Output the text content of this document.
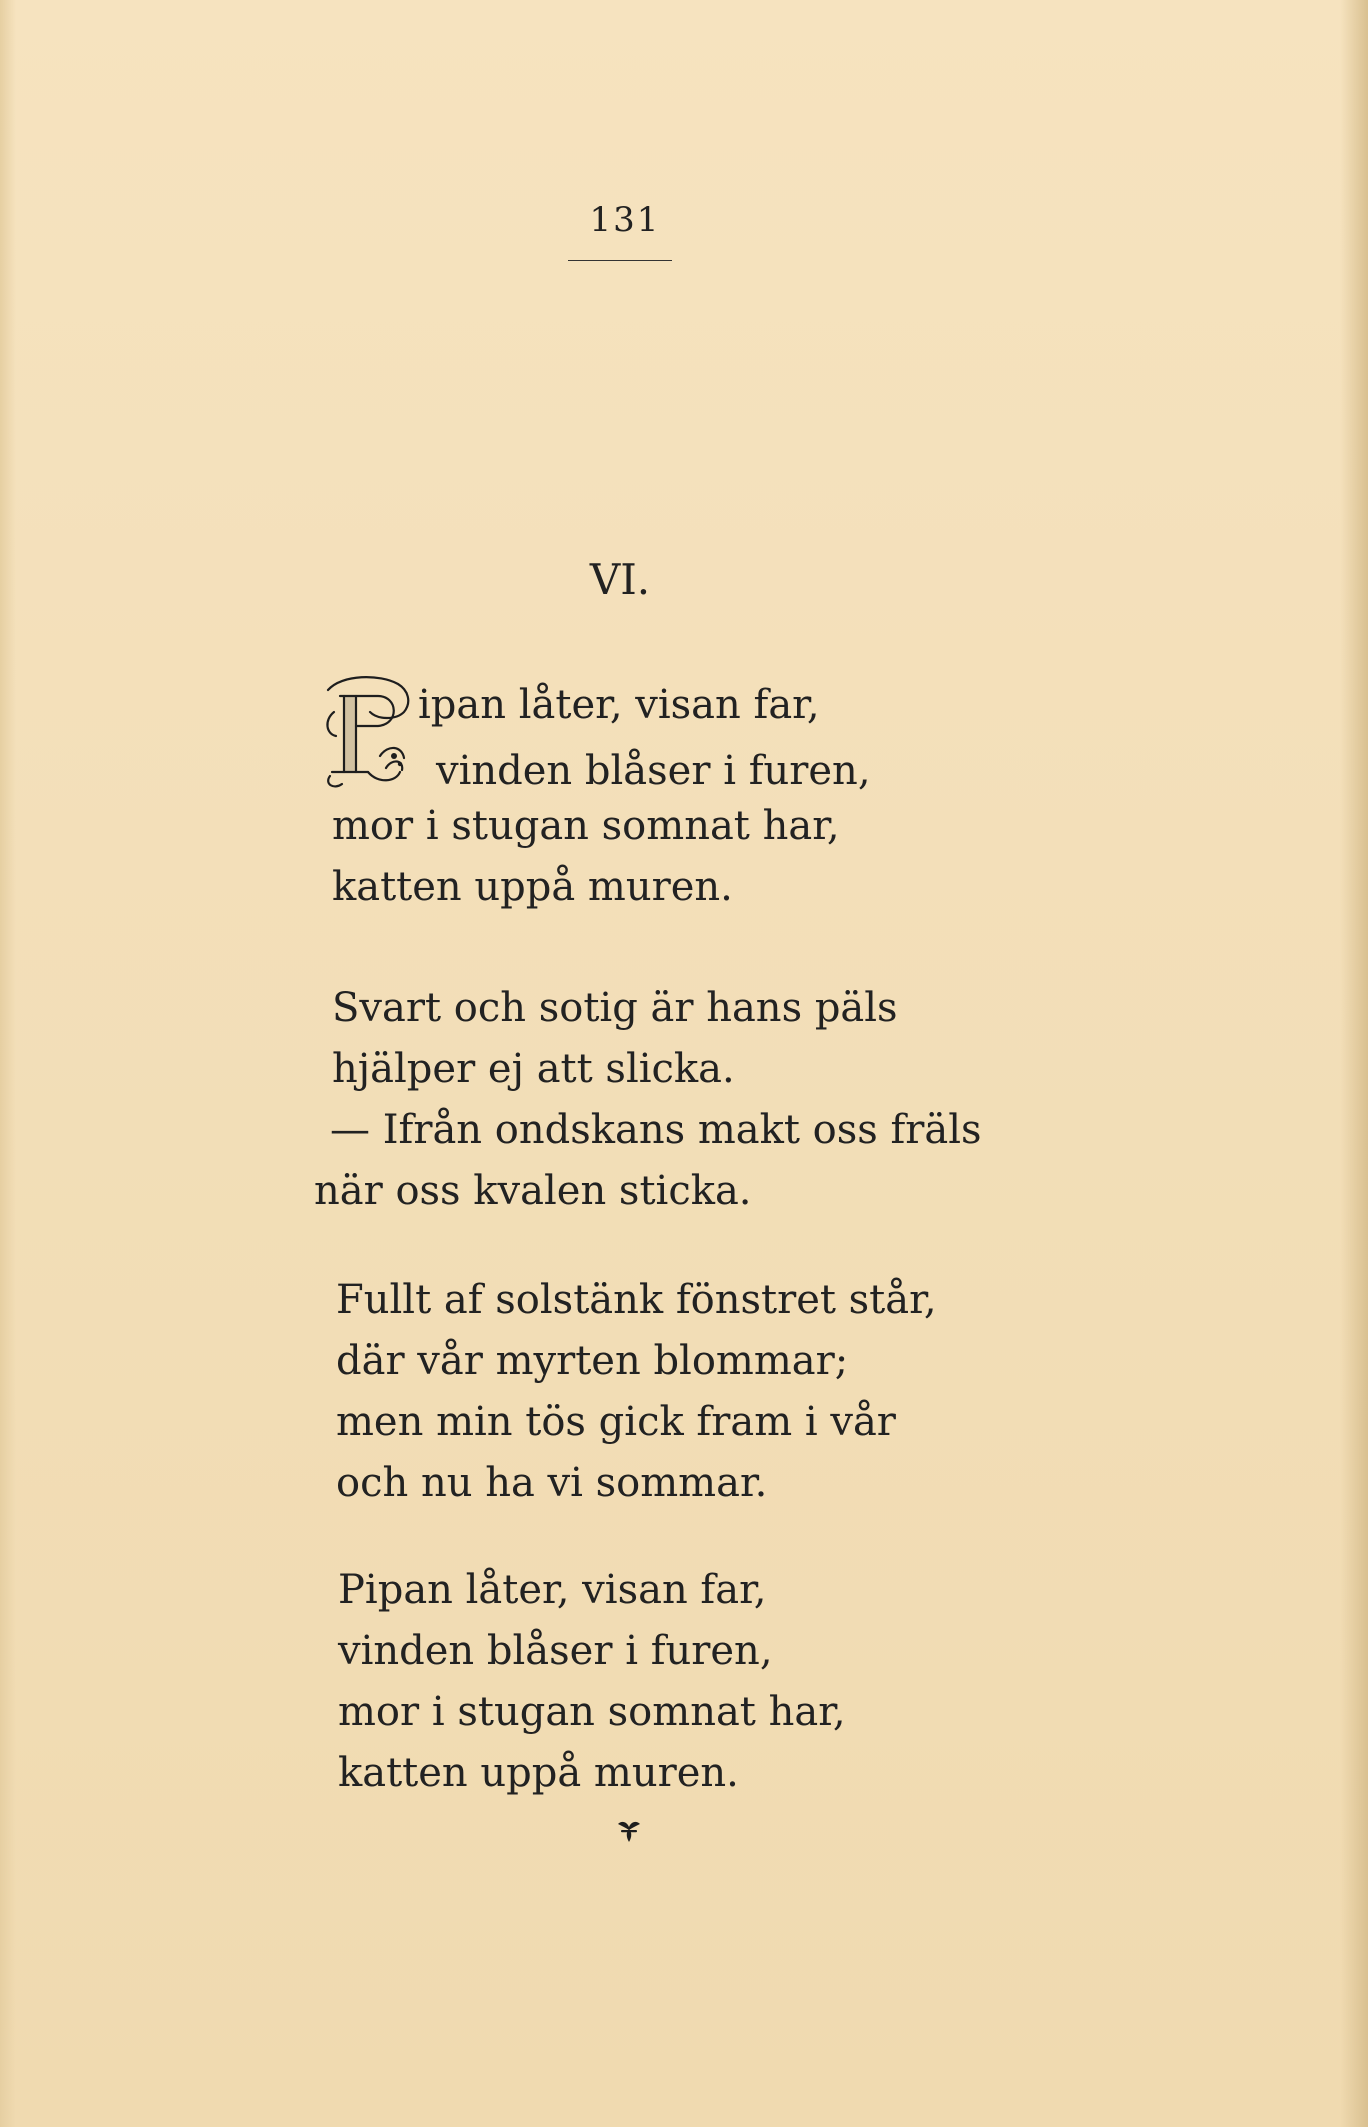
131
VI.
ipan låter, visan far,
vinden blåser i furen,
mor i stugan somnat har,
katten uppå muren.
Svart och sotig är hans päls
hjälper ej att slicka.
— Ifrån ondskans makt oss fräls
när oss kvalen sticka.
Fullt af solstänk fönstret står,
där vår myrten blommar;
men min tös gick fram i vår
och nu ha vi sommar.
Pipan låter, visan far,
vinden blåser i furen,
mor i stugan somnat har,
katten uppå muren.
